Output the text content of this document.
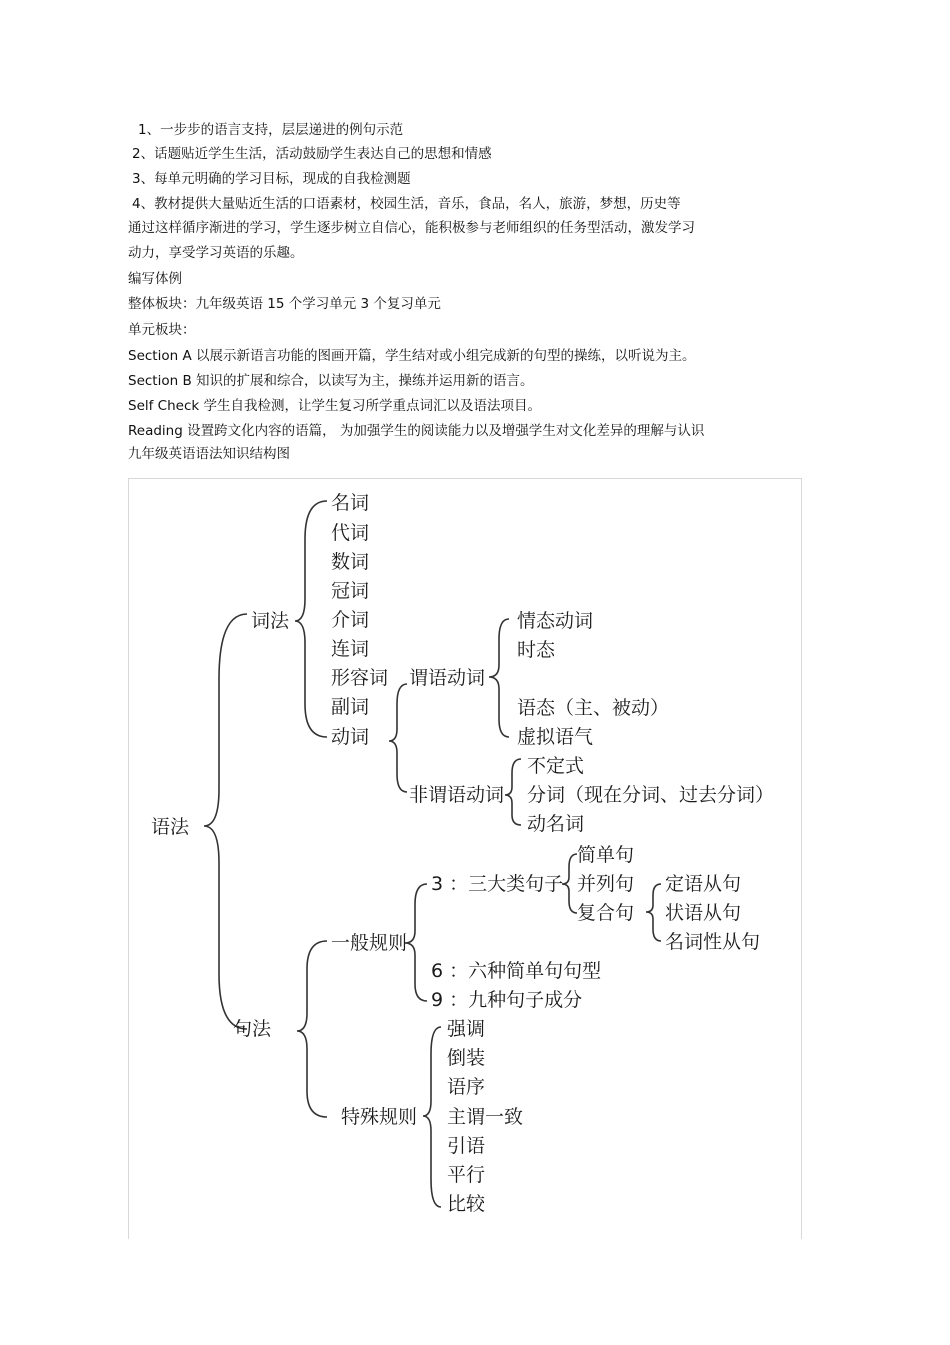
1、一步步的语言支持，层层递进的例句示范
2、话题贴近学生生活，活动鼓励学生表达自己的思想和情感
3、每单元明确的学习目标，现成的自我检测题
4、教材提供大量贴近生活的口语素材，校园生活，音乐，食品，名人，旅游，梦想，历史等
通过这样循序渐进的学习，学生逐步树立自信心，能积极参与老师组织的任务型活动，激发学习
动力，享受学习英语的乐趣。
编写体例
整体板块：九年级英语 15 个学习单元 3 个复习单元
单元板块：
Section A 以展示新语言功能的图画开篇，学生结对或小组完成新的句型的操练，以听说为主。
Section B 知识的扩展和综合，以读写为主，操练并运用新的语言。
Self Check 学生自我检测，让学生复习所学重点词汇以及语法项目。
Reading 设置跨文化内容的语篇， 为加强学生的阅读能力以及增强学生对文化差异的理解与认识
九年级英语语法知识结构图
语法
词法
名词
代词
数词
冠词
介词
连词
形容词
副词
动词
谓语动词
情态动词
时态
语态（主、被动）
虚拟语气
非谓语动词
不定式
分词（现在分词、过去分词）
动名词
句法
一般规则
3 ：三大类句子
简单句
并列句
复合句
定语从句
状语从句
名词性从句
6 ：六种简单句句型
9 ：九种句子成分
特殊规则
强调
倒装
语序
主谓一致
引语
平行
比较
